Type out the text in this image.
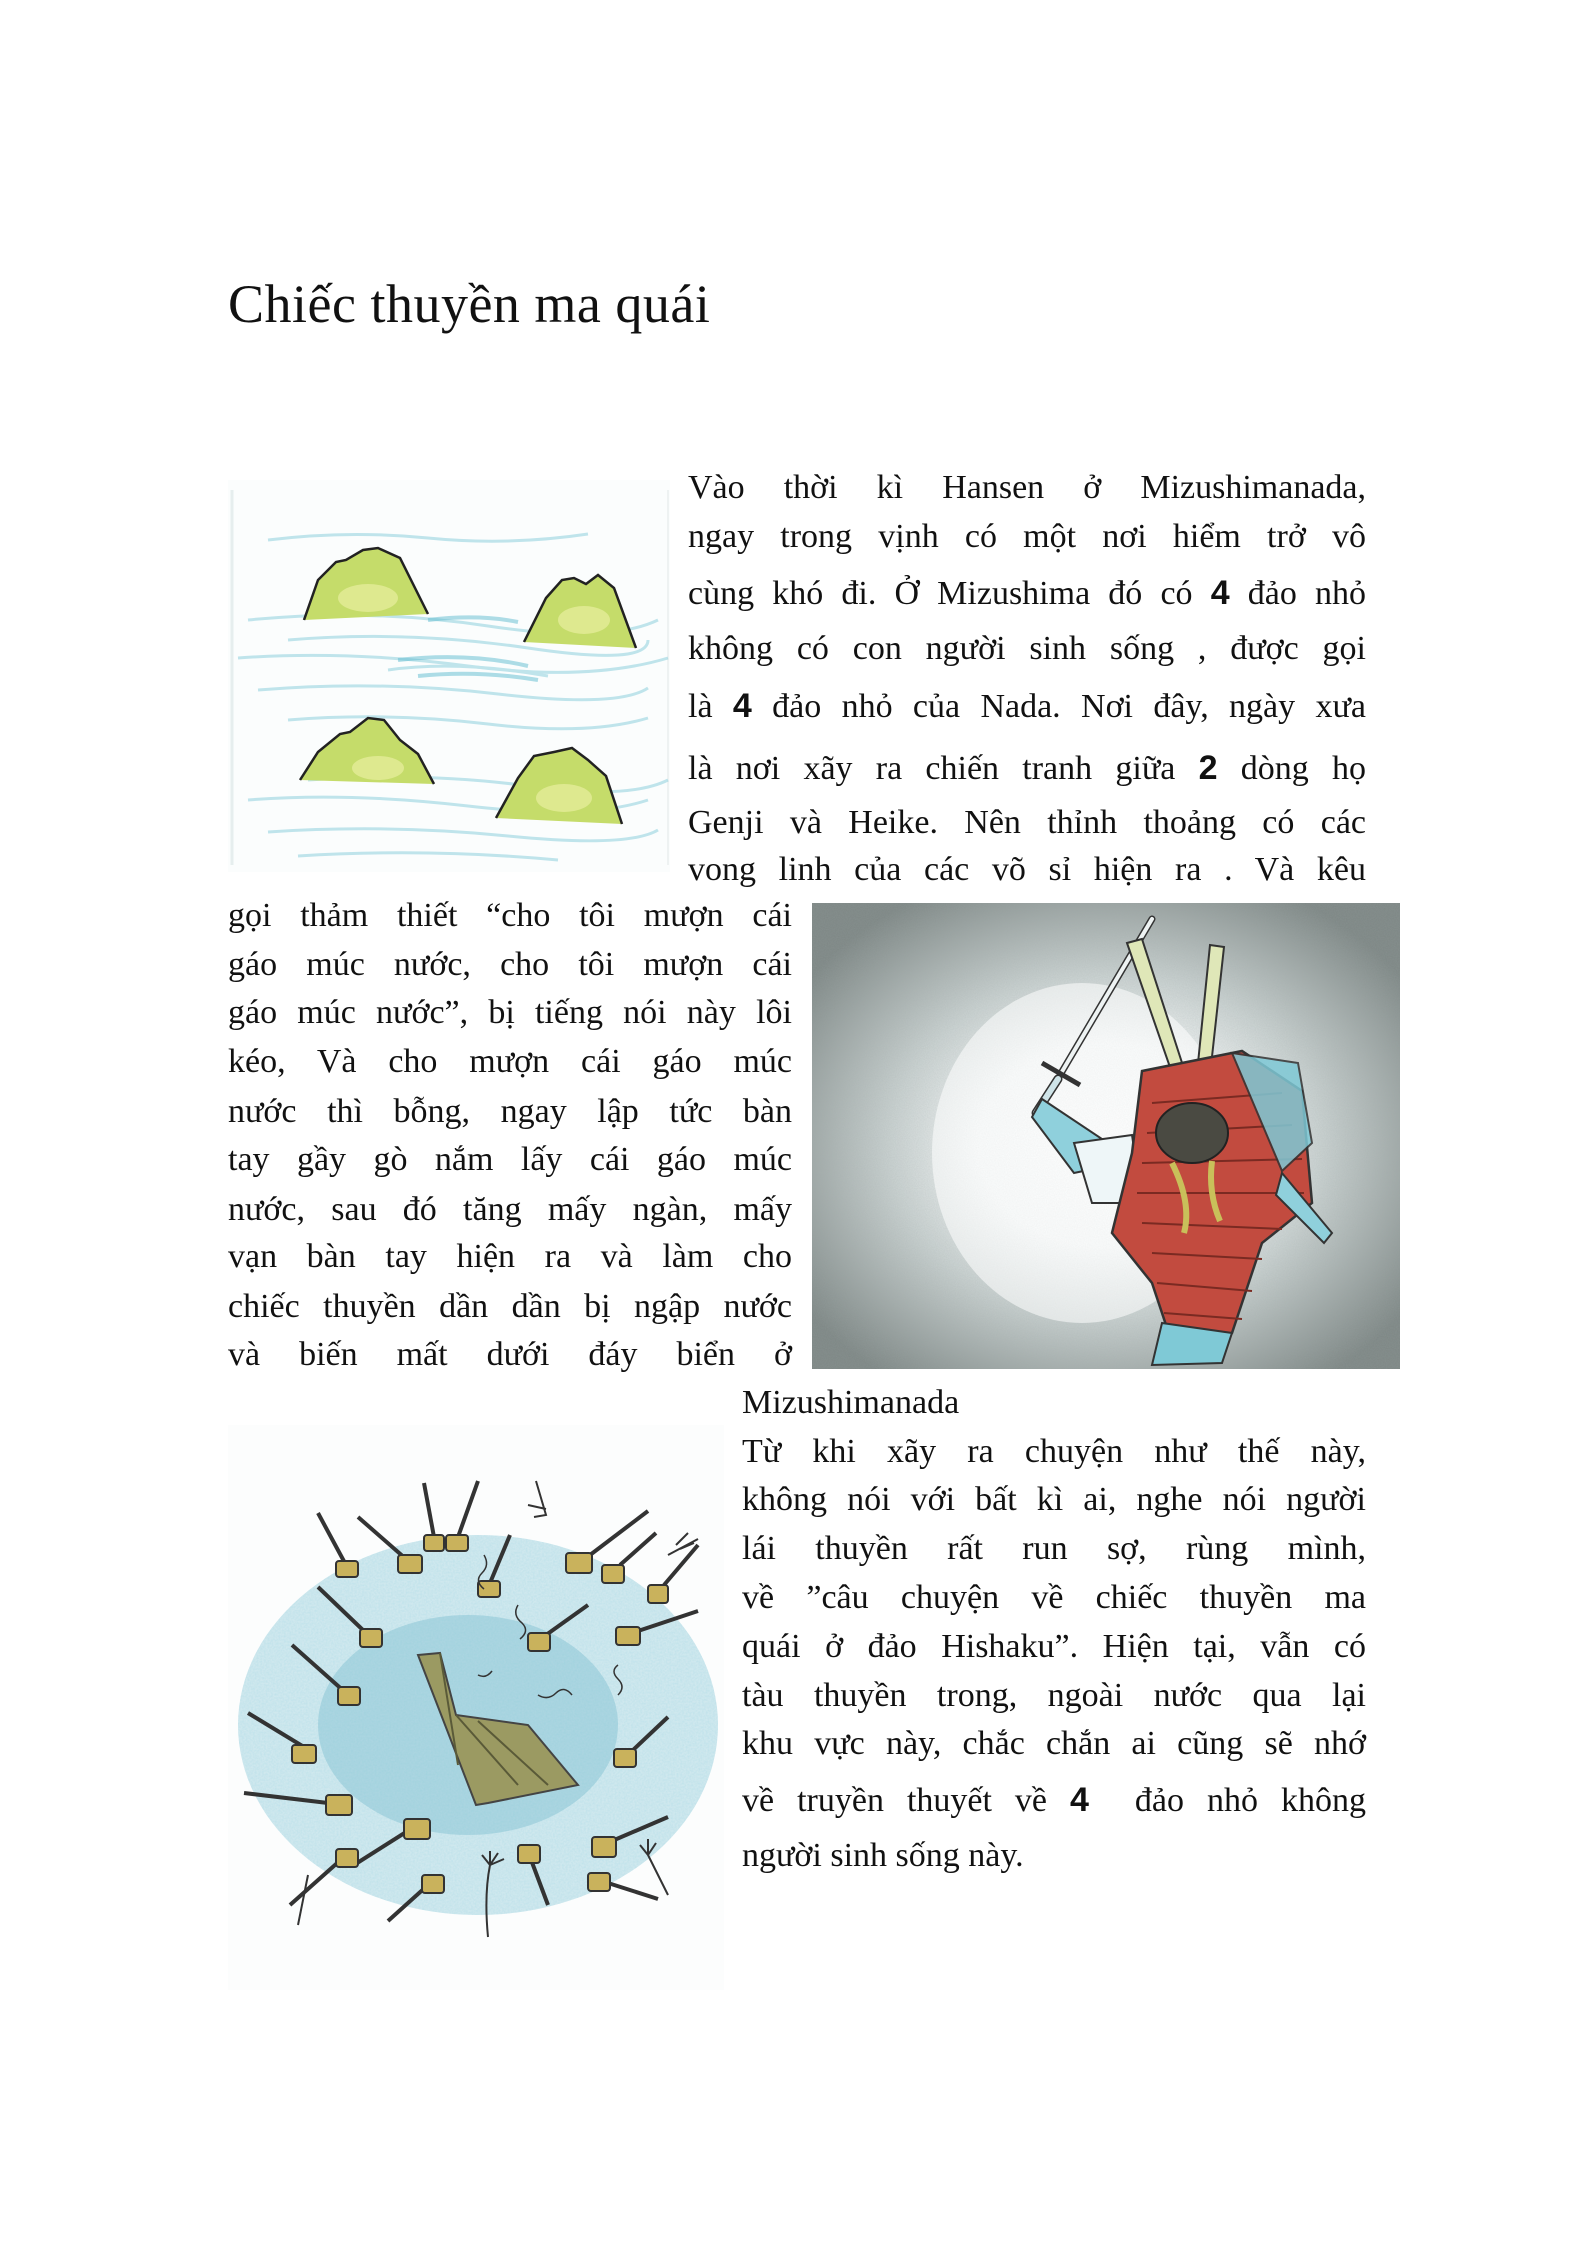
Chiếc thuyền ma quái
Vào thời kì Hansen ở Mizushimanada,
ngay trong vịnh có một nơi hiểm trở vô
cùng khó đi. Ở Mizushima đó có 4 đảo nhỏ
không có con người sinh sống , được gọi
là 4 đảo nhỏ của Nada. Nơi đây, ngày xưa
là nơi xãy ra chiến tranh giữa 2 dòng họ
Genji và Heike. Nên thỉnh thoảng có các
vong linh của các võ sỉ hiện ra . Và kêu
gọi thảm thiết “cho tôi mượn cái
gáo múc nước, cho tôi mượn cái
gáo múc nước”, bị tiếng nói này lôi
kéo, Và cho mượn cái gáo múc
nước thì bỗng, ngay lập tức bàn
tay gầy gò nắm lấy cái gáo múc
nước, sau đó tăng mấy ngàn, mấy
vạn bàn tay hiện ra và làm cho
chiếc thuyền dần dần bị ngập nước
và biến mất dưới đáy biển ở
Mizushimanada
Từ khi xãy ra chuyện như thế này,
không nói với bất kì ai, nghe nói người
lái thuyền rất run sợ, rùng mình,
về ”câu chuyện về chiếc thuyền ma
quái ở đảo Hishaku”. Hiện tại, vẫn có
tàu thuyền trong, ngoài nước qua lại
khu vực này, chắc chắn ai cũng sẽ nhớ
về truyền thuyết về 4  đảo nhỏ không
người sinh sống này.
